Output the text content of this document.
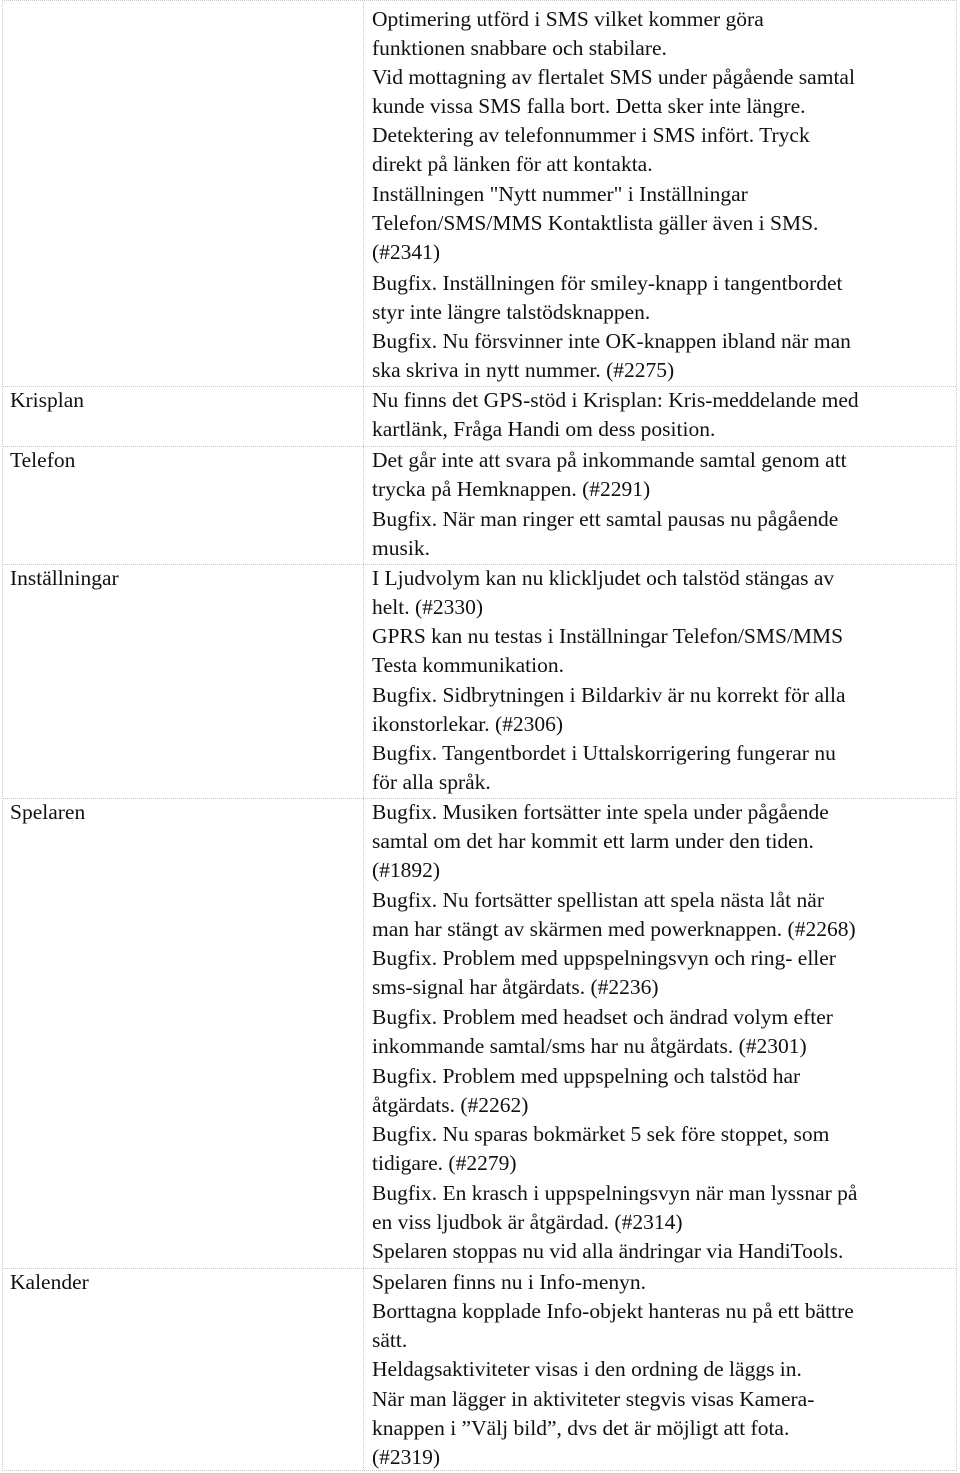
Krisplan
Telefon
Inställningar
Spelaren
Kalender
Optimering utförd i SMS vilket kommer göra
funktionen snabbare och stabilare.
Vid mottagning av flertalet SMS under pågående samtal
kunde vissa SMS falla bort. Detta sker inte längre.
Detektering av telefonnummer i SMS infört. Tryck
direkt på länken för att kontakta.
Inställningen "Nytt nummer" i Inställningar
Telefon/SMS/MMS Kontaktlista gäller även i SMS.
(#2341)
Bugfix. Inställningen för smiley-knapp i tangentbordet
styr inte längre talstödsknappen.
Bugfix. Nu försvinner inte OK-knappen ibland när man
ska skriva in nytt nummer. (#2275)
Nu finns det GPS-stöd i Krisplan: Kris-meddelande med
kartlänk, Fråga Handi om dess position.
Det går inte att svara på inkommande samtal genom att
trycka på Hemknappen. (#2291)
Bugfix. När man ringer ett samtal pausas nu pågående
musik.
I Ljudvolym kan nu klickljudet och talstöd stängas av
helt. (#2330)
GPRS kan nu testas i Inställningar Telefon/SMS/MMS
Testa kommunikation.
Bugfix. Sidbrytningen i Bildarkiv är nu korrekt för alla
ikonstorlekar. (#2306)
Bugfix. Tangentbordet i Uttalskorrigering fungerar nu
för alla språk.
Bugfix. Musiken fortsätter inte spela under pågående
samtal om det har kommit ett larm under den tiden.
(#1892)
Bugfix. Nu fortsätter spellistan att spela nästa låt när
man har stängt av skärmen med powerknappen. (#2268)
Bugfix. Problem med uppspelningsvyn och ring- eller
sms-signal har åtgärdats. (#2236)
Bugfix. Problem med headset och ändrad volym efter
inkommande samtal/sms har nu åtgärdats. (#2301)
Bugfix. Problem med uppspelning och talstöd har
åtgärdats. (#2262)
Bugfix. Nu sparas bokmärket 5 sek före stoppet, som
tidigare. (#2279)
Bugfix. En krasch i uppspelningsvyn när man lyssnar på
en viss ljudbok är åtgärdad. (#2314)
Spelaren stoppas nu vid alla ändringar via HandiTools.
Spelaren finns nu i Info-menyn.
Borttagna kopplade Info-objekt hanteras nu på ett bättre
sätt.
Heldagsaktiviteter visas i den ordning de läggs in.
När man lägger in aktiviteter stegvis visas Kamera-
knappen i ”Välj bild”, dvs det är möjligt att fota.
(#2319)
